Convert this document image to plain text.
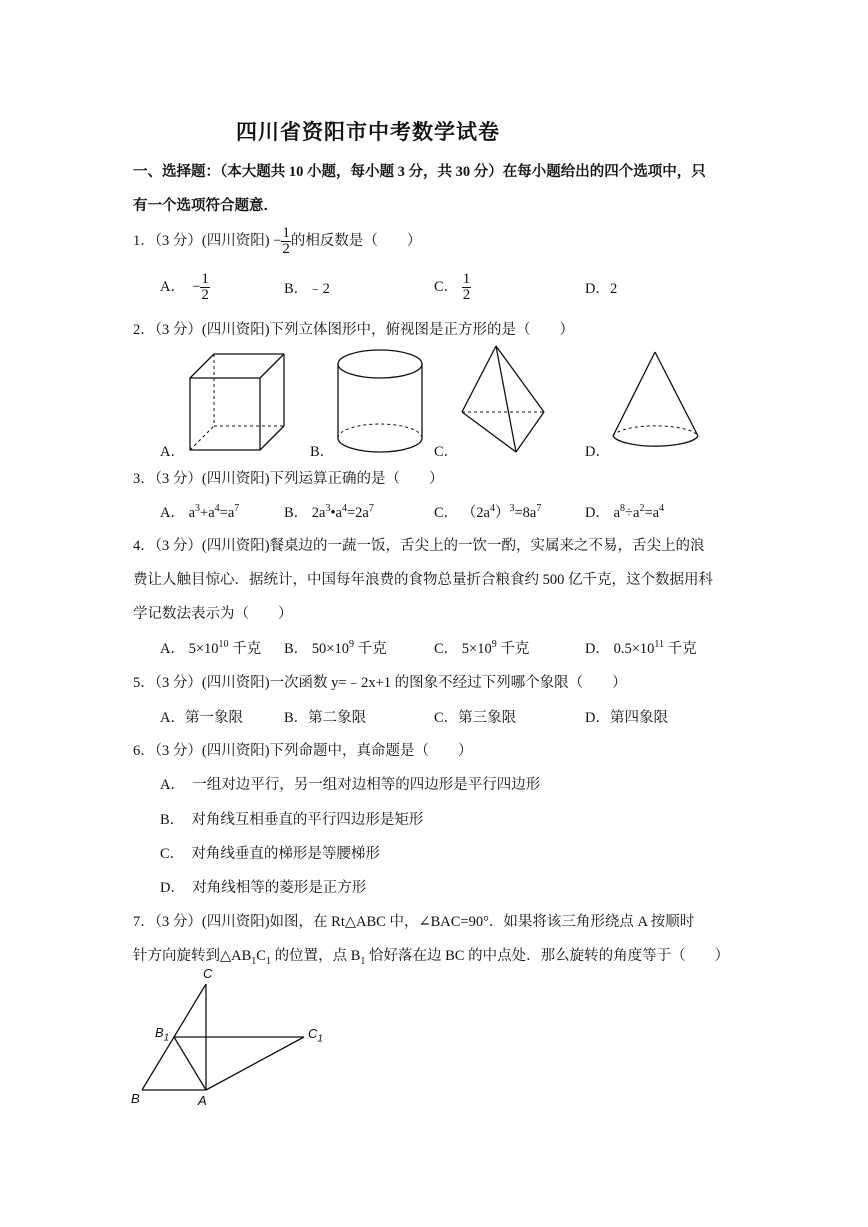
四川省资阳市中考数学试卷
一、选择题：（本大题共 10 小题，每小题 3 分，共 30 分）在每小题给出的四个选项中，只
有一个选项符合题意．
1．（3 分）(四川资阳) − $\frac{1}{2}$ 的相反数是（　　）
A． − $\frac{1}{2}$	B．﹣2	C． $\frac{1}{2}$	D．2
2．（3 分）(四川资阳)下列立体图形中，俯视图是正方形的是（　　）
A．	B．	C．	D．
3．（3 分）(四川资阳)下列运算正确的是（　　）
A． $a^3+a^4=a^7$	B． $2a^3•a^4=2a^7$	C． $(2a^4)^3=8a^7$	D． $a^8\div a^2=a^4$
4．（3 分）(四川资阳)餐桌边的一蔬一饭，舌尖上的一饮一酌，实属来之不易，舌尖上的浪
费让人触目惊心．据统计，中国每年浪费的食物总量折合粮食约 500 亿千克，这个数据用科
学记数法表示为（　　）
A． $5\times 10^{10}$ 千克 B． $50\times 10^9$ 千克	C． $5\times 10^9$ 千克	D． $0.5\times 10^{11}$ 千克
5．（3 分）(四川资阳)一次函数 y=﹣2x+1 的图象不经过下列哪个象限（　　）
A．第一象限	B．第二象限	C．第三象限	D．第四象限
6．（3 分）(四川资阳)下列命题中，真命题是（　　）
A．　一组对边平行，另一组对边相等的四边形是平行四边形
B．　对角线互相垂直的平行四边形是矩形
C．　对角线垂直的梯形是等腰梯形
D．　对角线相等的菱形是正方形
7．（3 分）(四川资阳)如图，在 Rt△ABC 中，∠BAC=90°．如果将该三角形绕点 A 按顺时
针方向旋转到$\triangle AB_1C_1$ 的位置，点 $B_1$ 恰好落在边 BC 的中点处．那么旋转的角度等于（　　）
C
$B_1$	$C_1$
B	A
